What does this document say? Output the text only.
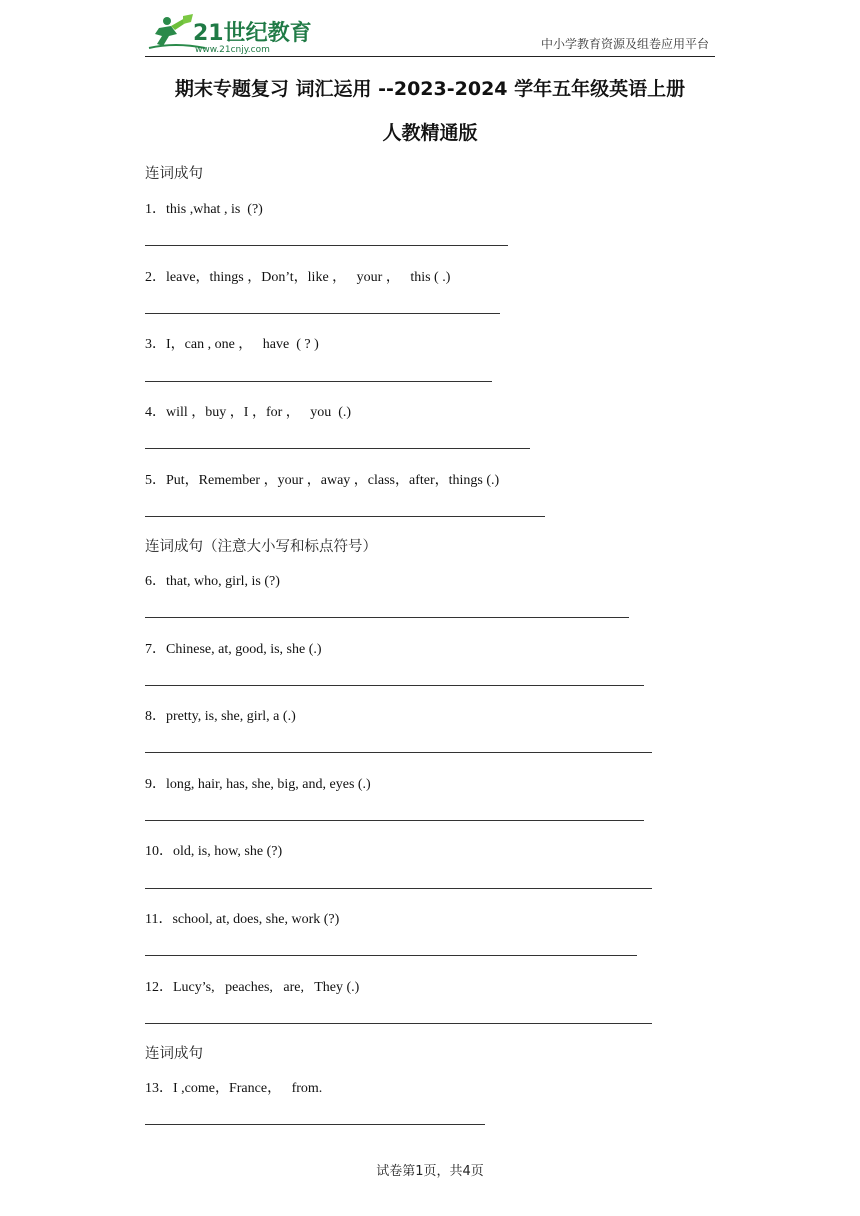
21世纪教育
www.21cnjy.com	中小学教育资源及组卷应用平台
期末专题复习 词汇运用 --2023-2024 学年五年级英语上册
人教精通版
连词成句
1．this ,what , is  (?)
2．leave，things ，Don’t，like ，   your ，   this ( .)
3．I，can , one ，   have  ( ? )
4．will ，buy ，I ，for ，   you  (.)
5．Put，Remember ，your ，away ，class，after，things (.)
连词成句（注意大小写和标点符号）
6．that, who, girl, is (?)
7．Chinese, at, good, is, she (.)
8．pretty, is, she, girl, a (.)
9．long, hair, has, she, big, and, eyes (.)
10．old, is, how, she (?)
11．school, at, does, she, work (?)
12．Lucy’s,   peaches,   are,   They (.)
连词成句
13．I ,come，France，   from.
试卷第1页，共4页
